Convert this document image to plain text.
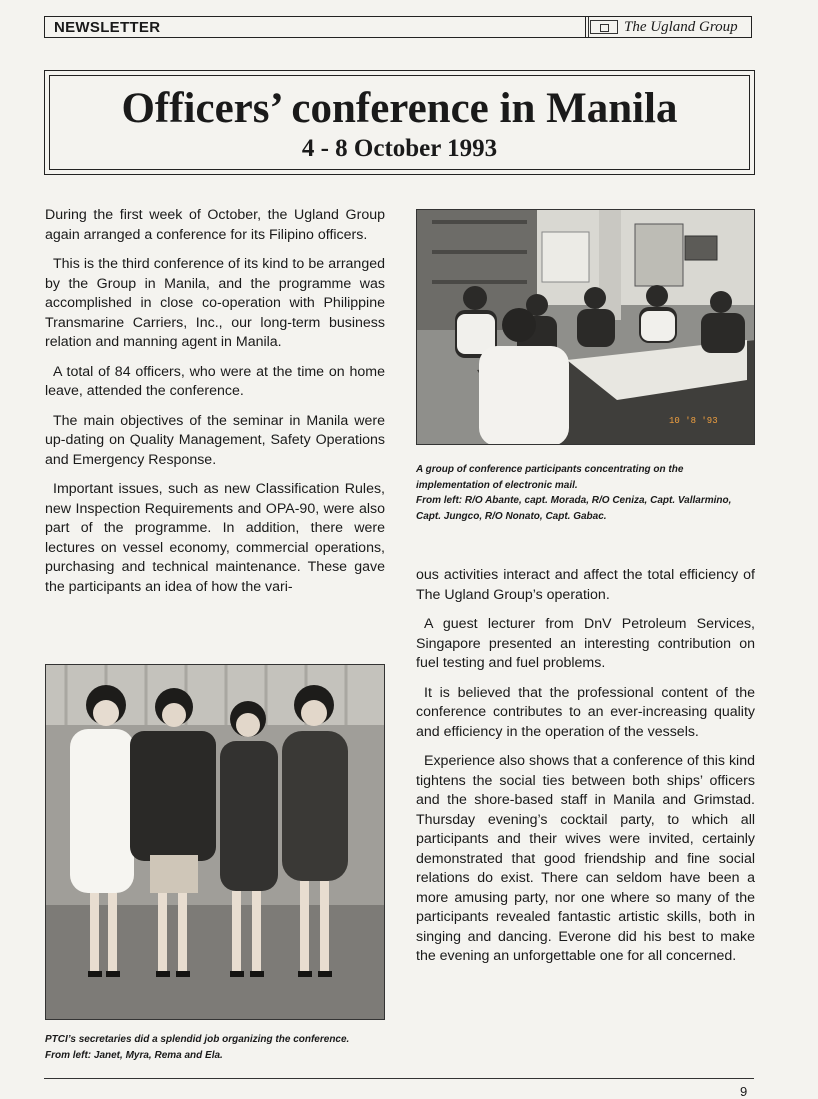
NEWSLETTER	The Ugland Group
Officers’ conference in Manila
4 - 8 October 1993

During the first week of October, the Ugland Group again arranged a conference for its Filipino officers.

This is the third conference of its kind to be arranged by the Group in Manila, and the programme was accomplished in close co-operation with Philippine Transmarine Carriers, Inc., our long-term business relation and manning agent in Manila.

A total of 84 officers, who were at the time on home leave, attended the conference.

The main objectives of the seminar in Manila were up-dating on Quality Management, Safety Operations and Emergency Response.

Important issues, such as new Classification Rules, new Inspection Requirements and OPA-90, were also part of the programme. In addition, there were lectures on vessel economy, commercial operations, purchasing and technical maintenance. These gave the participants an idea of how the vari-

10 '8 '93
A group of conference participants concentrating on the implementation of electronic mail.
From left: R/O Abante, capt. Morada, R/O Ceniza, Capt. Vallarmino, Capt. Jungco, R/O Nonato, Capt. Gabac.

ous activities interact and affect the total efficiency of The Ugland Group’s operation.

A guest lecturer from DnV Petroleum Services, Singapore presented an interesting contribution on fuel testing and fuel problems.

It is believed that the professional content of the conference contributes to an ever-increasing quality and efficiency in the operation of the vessels.

Experience also shows that a conference of this kind tightens the social ties between both ships’ officers and the shore-based staff in Manila and Grimstad. Thursday evening’s cocktail party, to which all participants and their wives were invited, certainly demonstrated that good friendship and fine social relations do exist. There can seldom have been a more amusing party, nor one where so many of the participants revealed fantastic artistic skills, both in singing and dancing. Everone did his best to make the evening an unforgettable one for all concerned.

PTCI’s secretaries did a splendid job organizing the conference.
From left: Janet, Myra, Rema and Ela.
9
